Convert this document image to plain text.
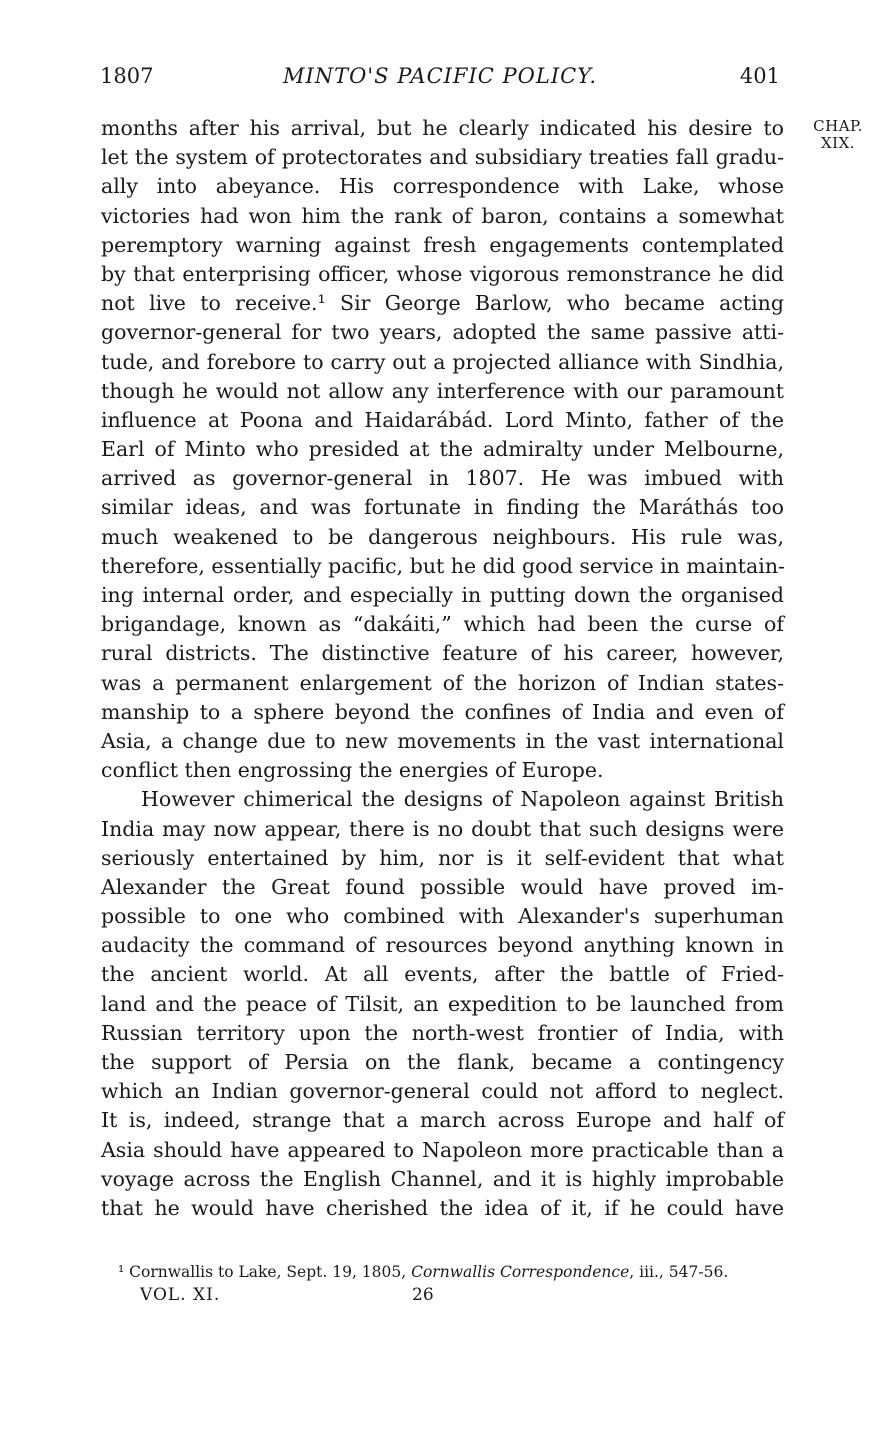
1807	MINTO'S PACIFIC POLICY.	401
CHAP.
XIX.
months after his arrival, but he clearly indicated his desire to
let the system of protectorates and subsidiary treaties fall gradu-
ally into abeyance. His correspondence with Lake, whose
victories had won him the rank of baron, contains a somewhat
peremptory warning against fresh engagements contemplated
by that enterprising officer, whose vigorous remonstrance he did
not live to receive.¹ Sir George Barlow, who became acting
governor-general for two years, adopted the same passive atti-
tude, and forebore to carry out a projected alliance with Sindhia,
though he would not allow any interference with our paramount
influence at Poona and Haidarábád. Lord Minto, father of the
Earl of Minto who presided at the admiralty under Melbourne,
arrived as governor-general in 1807. He was imbued with
similar ideas, and was fortunate in finding the Maráthás too
much weakened to be dangerous neighbours. His rule was,
therefore, essentially pacific, but he did good service in maintain-
ing internal order, and especially in putting down the organised
brigandage, known as “dakáiti,” which had been the curse of
rural districts. The distinctive feature of his career, however,
was a permanent enlargement of the horizon of Indian states-
manship to a sphere beyond the confines of India and even of
Asia, a change due to new movements in the vast international
conflict then engrossing the energies of Europe.
However chimerical the designs of Napoleon against British
India may now appear, there is no doubt that such designs were
seriously entertained by him, nor is it self-evident that what
Alexander the Great found possible would have proved im-
possible to one who combined with Alexander's superhuman
audacity the command of resources beyond anything known in
the ancient world. At all events, after the battle of Fried-
land and the peace of Tilsit, an expedition to be launched from
Russian territory upon the north-west frontier of India, with
the support of Persia on the flank, became a contingency
which an Indian governor-general could not afford to neglect.
It is, indeed, strange that a march across Europe and half of
Asia should have appeared to Napoleon more practicable than a
voyage across the English Channel, and it is highly improbable
that he would have cherished the idea of it, if he could have
¹ Cornwallis to Lake, Sept. 19, 1805, Cornwallis Correspondence, iii., 547-56.
VOL. XI.	26
